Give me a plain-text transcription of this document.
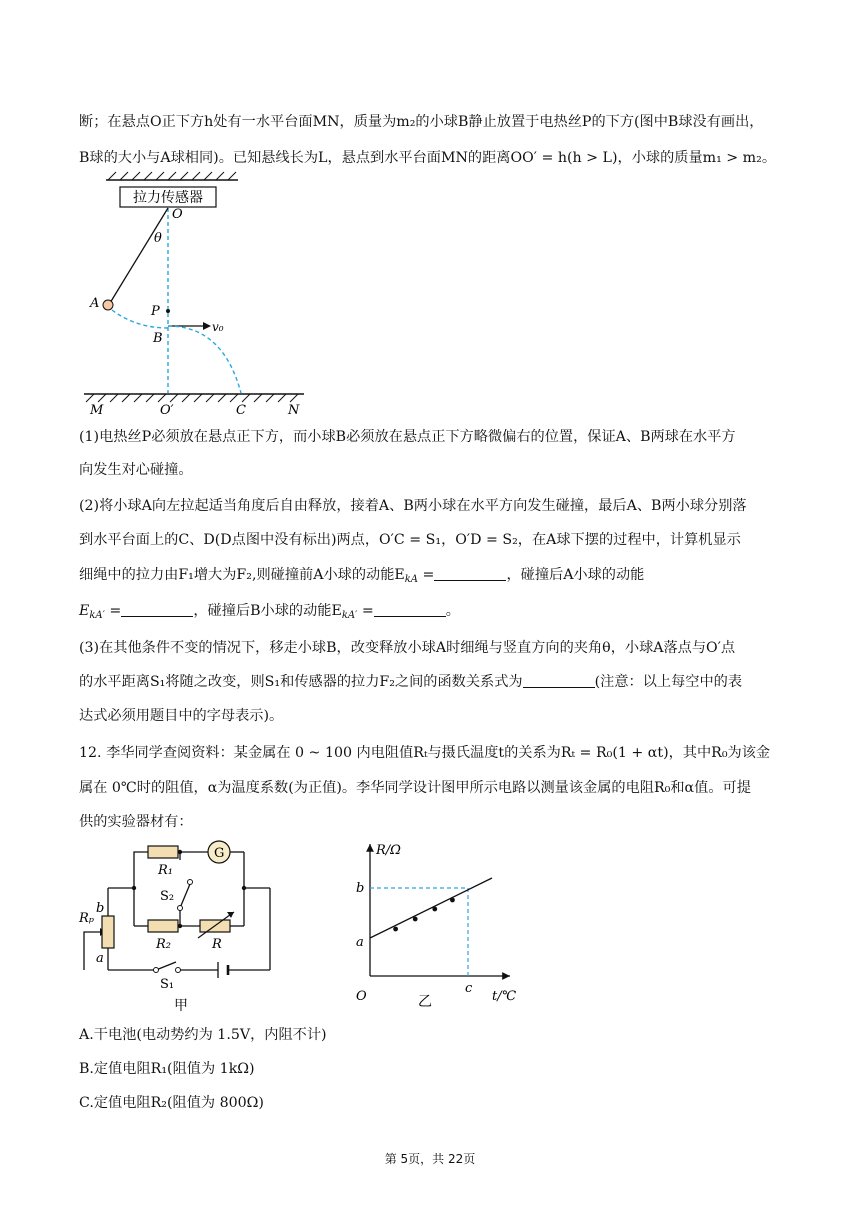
断；在悬点O正下方h处有一水平台面MN，质量为m₂的小球B静止放置于电热丝P的下方(图中B球没有画出，
B球的大小与A球相同)。已知悬线长为L，悬点到水平台面MN的距离OO′ = h(h > L)，小球的质量m₁ > m₂。
拉力传感器
O
θ
A
P
v₀
B
M	O′	C	N
(1)电热丝P必须放在悬点正下方，而小球B必须放在悬点正下方略微偏右的位置，保证A、B两球在水平方
向发生对心碰撞。
(2)将小球A向左拉起适当角度后自由释放，接着A、B两小球在水平方向发生碰撞，最后A、B两小球分别落
到水平台面上的C、D(D点图中没有标出)两点，O′C = S₁，O′D = S₂，在A球下摆的过程中，计算机显示
细绳中的拉力由F₁增大为F₂,则碰撞前A小球的动能$E_{kA}$ =	，碰撞后A小球的动能
$E_{kA'}$ =	，碰撞后B小球的动能$E_{kA'}$ =	。
(3)在其他条件不变的情况下，移走小球B，改变释放小球A时细绳与竖直方向的夹角θ，小球A落点与O′点
的水平距离S₁将随之改变，则S₁和传感器的拉力F₂之间的函数关系式为	(注意：以上每空中的表
达式必须用题目中的字母表示)。
12. 李华同学查阅资料：某金属在 0 ~ 100 内电阻值Rₜ与摄氏温度t的关系为Rₜ = R₀(1 + αt)，其中R₀为该金
属在 0℃时的阻值，α为温度系数(为正值)。李华同学设计图甲所示电路以测量该金属的电阻R₀和α值。可提
供的实验器材有：
R₁
G
S₂
R₂	R
Rₚ
b
a
S₁
甲
R/Ω
t/℃
O
b
a
c
乙
A.干电池(电动势约为 1.5V，内阻不计)
B.定值电阻R₁(阻值为 1kΩ)
C.定值电阻R₂(阻值为 800Ω)
第 5页，共 22页
